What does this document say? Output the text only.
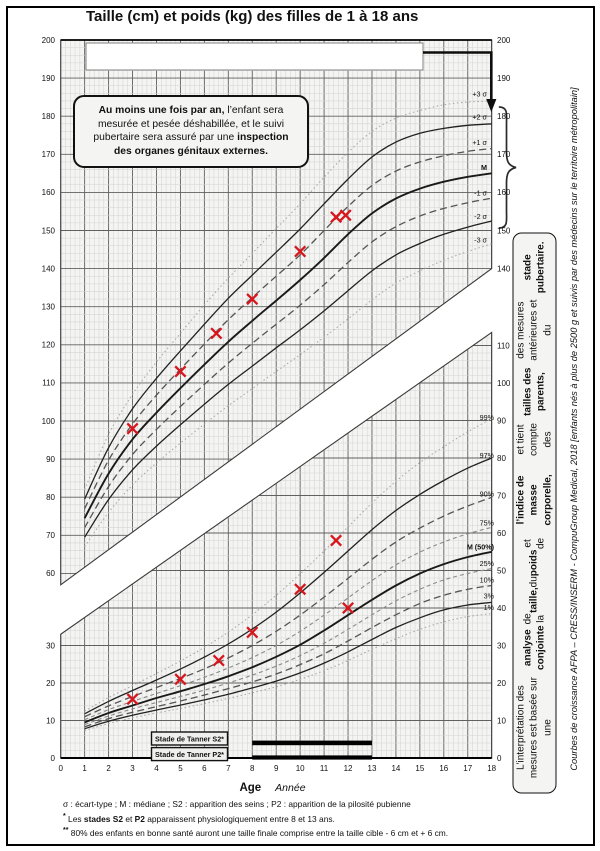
Taille (cm) et poids (kg) des filles de 1 à 18 ans
+3 σ
+2 σ
+1 σ
M
-1 σ
-2 σ
-3 σ
99%
97%
90%
75%
M (50%)
25%
10%
3%
1%
Stade de Tanner S2*
Stade de Tanner P2*
200
190
180
170
160
150
140
130
120
110
100
90
80
70
60
30
20
10
0
200
190
180
170
160
150
140
110
100
90
80
70
60
50
40
30
20
10
0
0 1 2 3 4 5 6 7 8 9 10 11 12 13 14 15 16 17 18
Au moins une fois par an, l’enfant sera mesurée et pesée déshabillée, et le suivi pubertaire sera assuré par une inspection des organes génitaux externes.
L'interprétation des mesures est basée sur une
analyse conjointe
de la
taille,
du
poids
et de
l’indice de masse corporelle,
et tient compte des
tailles des parents,
des mesures antérieures et du
stade pubertaire. Courbes de croissance AFPA – CRESS/INSERM - CompuGroup Medical, 2018 [enfants nés à plus de 2500 g et suivis par des médecins sur le territoire métropolitain]
Age Année
σ : écart-type ; M : médiane ; S2 : apparition des seins ; P2 : apparition de la pilosité pubienne
* Les stades S2 et P2 apparaissent physiologiquement entre 8 et 13 ans.
** 80% des enfants en bonne santé auront une taille finale comprise entre la taille cible - 6 cm et + 6 cm.
